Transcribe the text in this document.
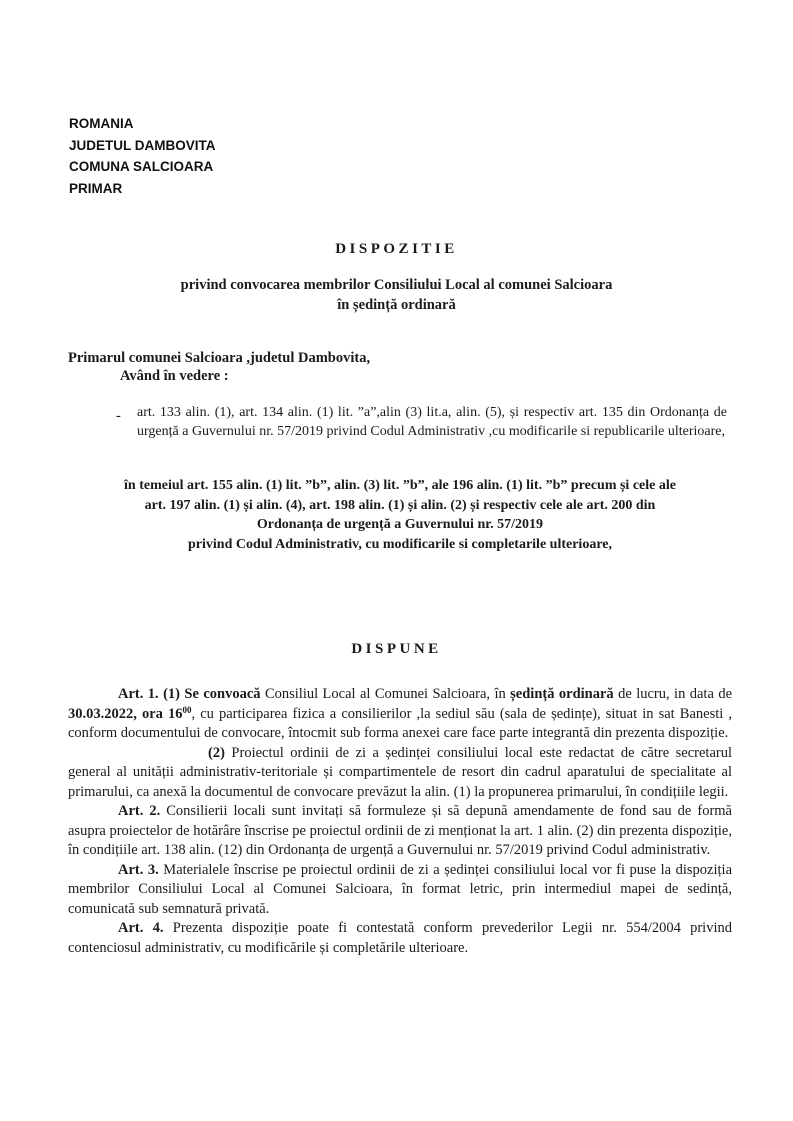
ROMANIA
JUDETUL DAMBOVITA
COMUNA SALCIOARA
PRIMAR
DISPOZITIE
privind convocarea membrilor Consiliului Local al comunei Salcioara
în ședință ordinară
Primarul comunei Salcioara ,judetul Dambovita,
Având în vedere :
- art. 133 alin. (1), art. 134 alin. (1) lit. ”a”,alin (3) lit.a, alin. (5), și respectiv art. 135 din Ordonanța de urgență a Guvernului nr. 57/2019 privind Codul Administrativ ,cu modificarile si republicarile ulterioare,
în temeiul art. 155 alin. (1) lit. ”b”, alin. (3) lit. ”b”, ale 196 alin. (1) lit. ”b” precum și cele ale
art. 197 alin. (1) și alin. (4), art. 198 alin. (1) și alin. (2) și respectiv cele ale art. 200 din
Ordonanța de urgență a Guvernului nr. 57/2019
privind Codul Administrativ, cu modificarile si completarile ulterioare,
DISPUNE

Art. 1. (1) Se convoacă Consiliul Local al Comunei Salcioara, în ședință ordinară de lucru, in data de 30.03.2022, ora $16^{00}$, cu participarea fizica a consilierilor ,la sediul său (sala de ședințe), situat in sat Banesti , conform documentului de convocare, întocmit sub forma anexei care face parte integrantă din prezenta dispoziție.

(2) Proiectul ordinii de zi a ședinței consiliului local este redactat de către secretarul general al unității administrativ-teritoriale și compartimentele de resort din cadrul aparatului de specialitate al primarului, ca anexă la documentul de convocare prevăzut la alin. (1) la propunerea primarului, în condițiile legii.

Art. 2. Consilierii locali sunt invitați să formuleze și să depună amendamente de fond sau de formă asupra proiectelor de hotărâre înscrise pe proiectul ordinii de zi menționat la art. 1 alin. (2) din prezenta dispoziție, în condițiile art. 138 alin. (12) din Ordonanța de urgență a Guvernului nr. 57/2019 privind Codul administrativ.

Art. 3. Materialele înscrise pe proiectul ordinii de zi a ședinței consiliului local vor fi puse la dispoziția membrilor Consiliului Local al Comunei Salcioara, în format letric, prin intermediul mapei de sedință, comunicată sub semnatură privată.

Art. 4. Prezenta dispoziție poate fi contestată conform prevederilor Legii nr. 554/2004 privind contenciosul administrativ, cu modificările și completările ulterioare.
